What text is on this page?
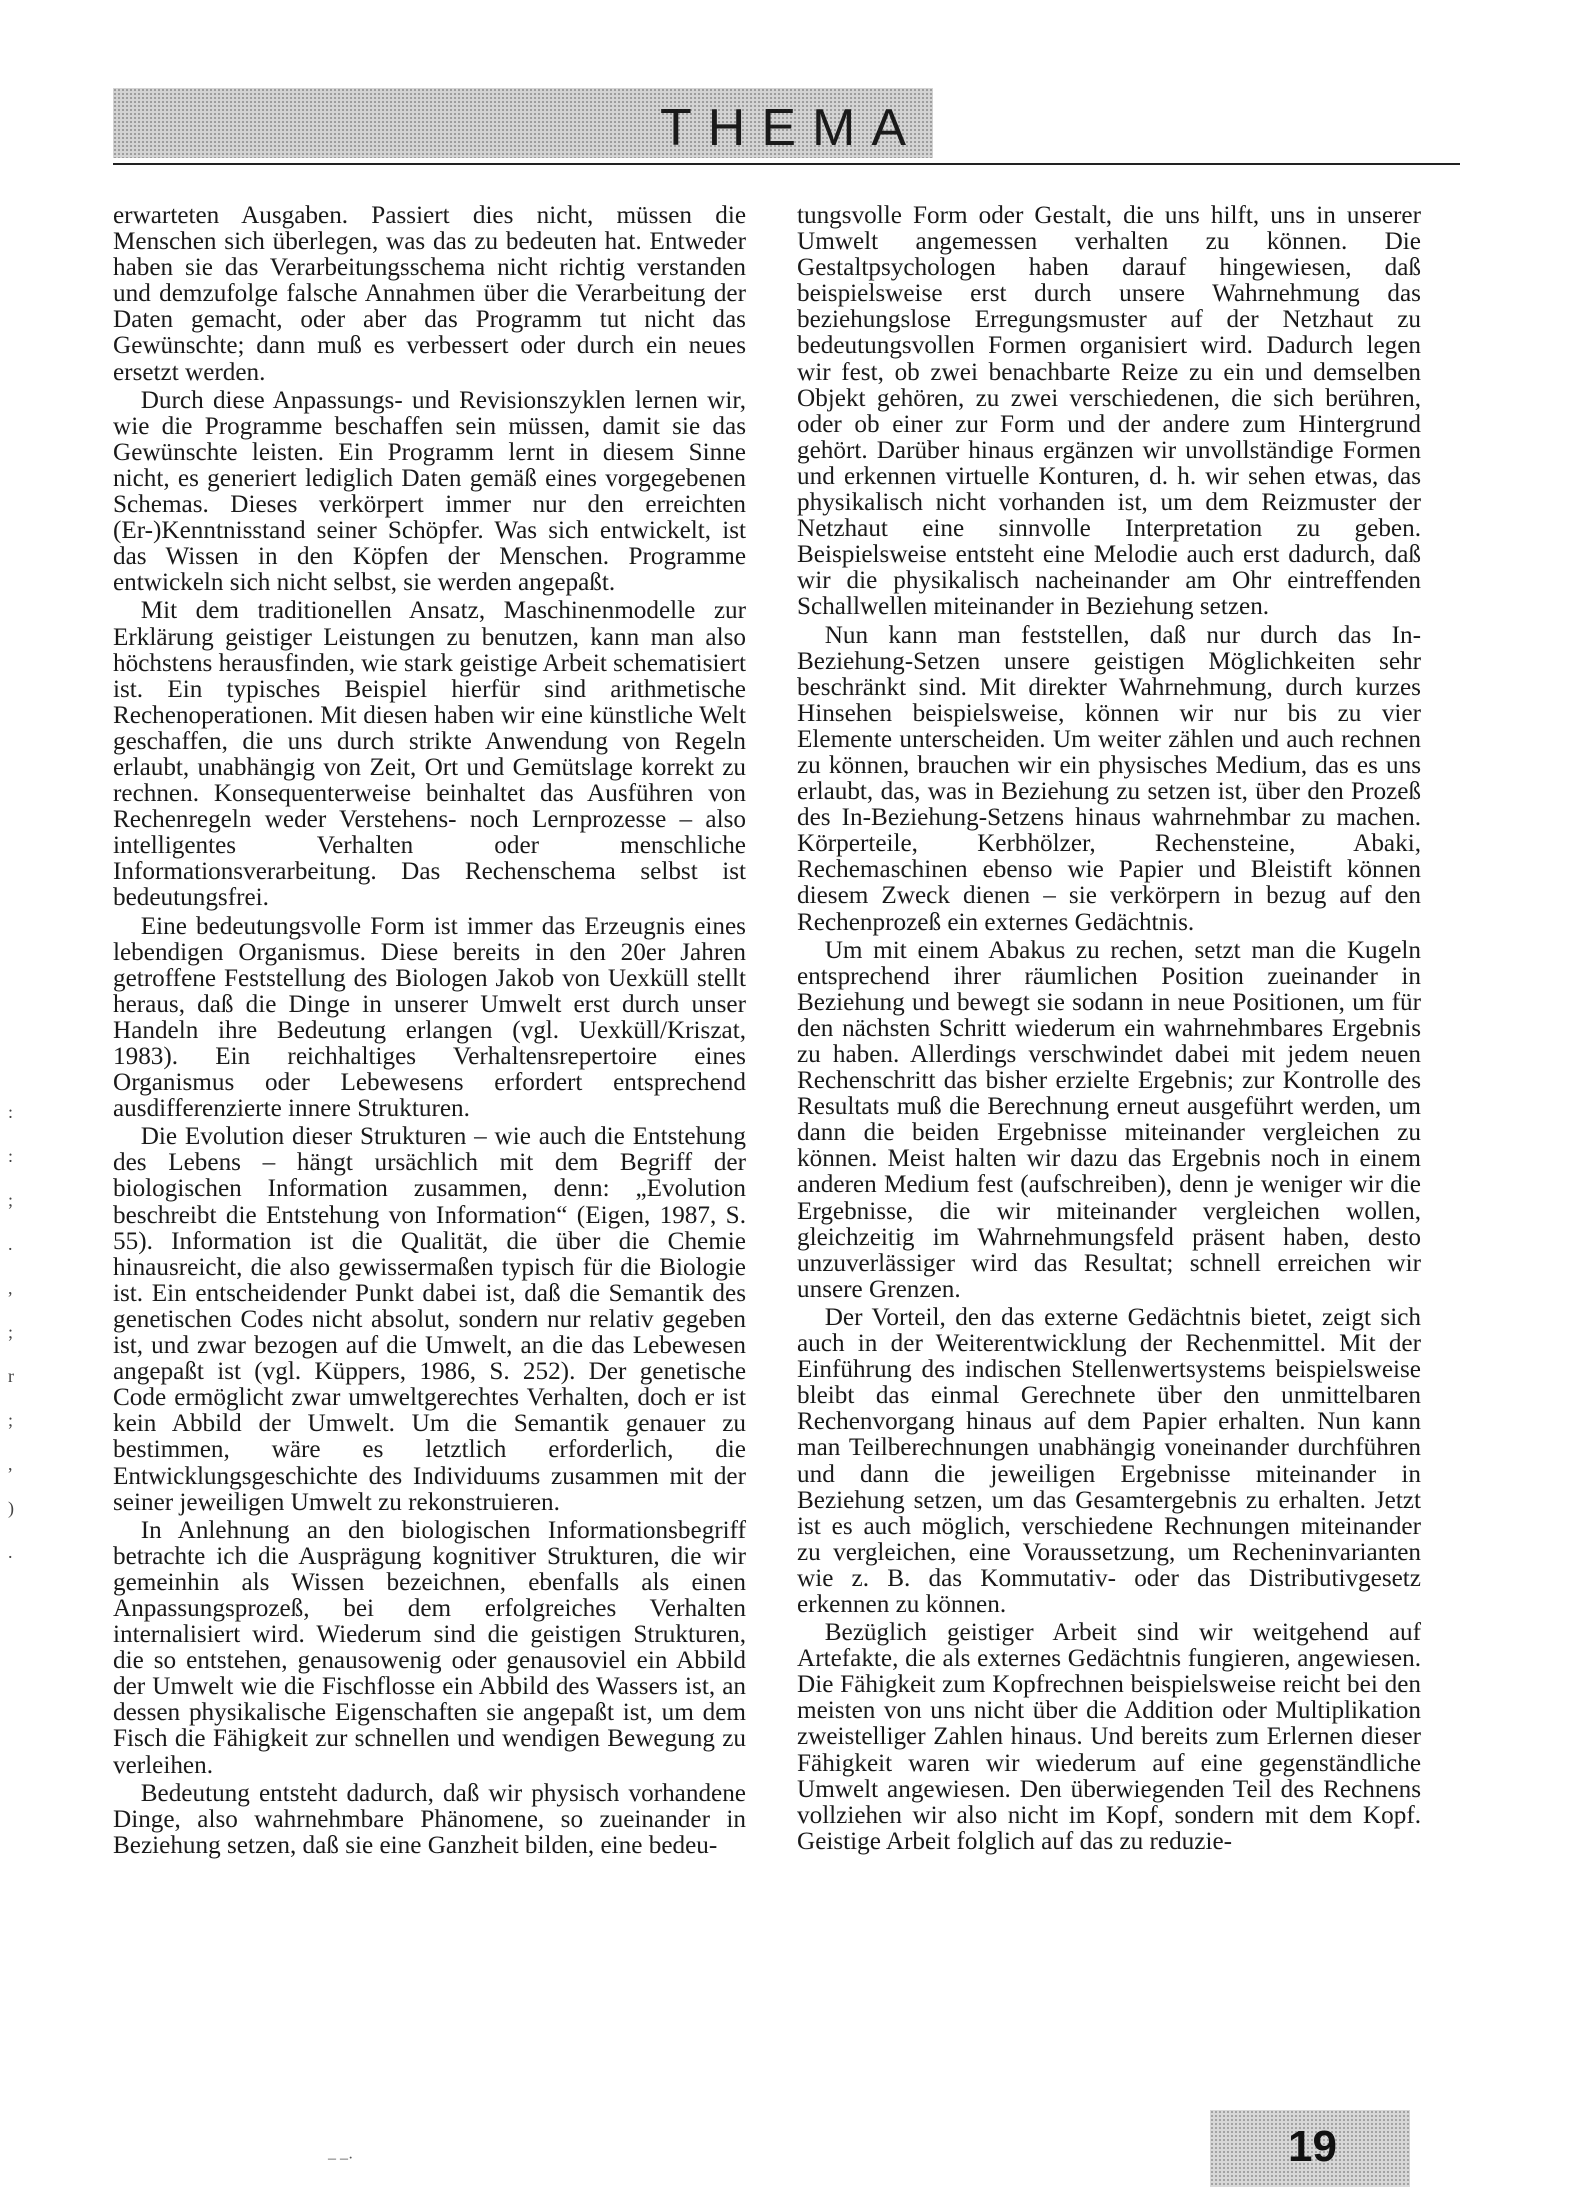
THEMA

erwarteten Ausgaben. Passiert dies nicht, müssen die Menschen sich überlegen, was das zu bedeuten hat. Entweder haben sie das Verarbeitungsschema nicht richtig verstanden und demzufolge falsche Annahmen über die Verarbeitung der Daten gemacht, oder aber das Programm tut nicht das Gewünschte; dann muß es verbessert oder durch ein neues ersetzt werden.

Durch diese Anpassungs- und Revisionszyklen lernen wir, wie die Programme beschaffen sein müssen, damit sie das Gewünschte leisten. Ein Programm lernt in diesem Sinne nicht, es generiert lediglich Daten gemäß eines vorgegebenen Schemas. Dieses verkörpert immer nur den erreichten (Er-)Kenntnisstand seiner Schöpfer. Was sich entwickelt, ist das Wissen in den Köpfen der Menschen. Programme entwickeln sich nicht selbst, sie werden angepaßt.

Mit dem traditionellen Ansatz, Maschinenmodelle zur Erklärung geistiger Leistungen zu benutzen, kann man also höchstens herausfinden, wie stark geistige Arbeit schematisiert ist. Ein typisches Beispiel hierfür sind arithmetische Rechenoperationen. Mit diesen haben wir eine künstliche Welt geschaffen, die uns durch strikte Anwendung von Regeln erlaubt, unabhängig von Zeit, Ort und Gemütslage korrekt zu rechnen. Konsequenterweise beinhaltet das Ausführen von Rechenregeln weder Verstehens- noch Lernprozesse – also intelligentes Verhalten oder menschliche Informationsverarbeitung. Das Rechenschema selbst ist bedeutungsfrei.

Eine bedeutungsvolle Form ist immer das Erzeugnis eines lebendigen Organismus. Diese bereits in den 20er Jahren getroffene Feststellung des Biologen Jakob von Uexküll stellt heraus, daß die Dinge in unserer Umwelt erst durch unser Handeln ihre Bedeutung erlangen (vgl. Uexküll/Kriszat, 1983). Ein reichhaltiges Verhaltensrepertoire eines Organismus oder Lebewesens erfordert entsprechend ausdifferenzierte innere Strukturen.

Die Evolution dieser Strukturen – wie auch die Entstehung des Lebens – hängt ursächlich mit dem Begriff der biologischen Information zusammen, denn: „Evolution beschreibt die Entstehung von Information“ (Eigen, 1987, S. 55). Information ist die Qualität, die über die Chemie hinausreicht, die also gewissermaßen typisch für die Biologie ist. Ein entscheidender Punkt dabei ist, daß die Semantik des genetischen Codes nicht absolut, sondern nur relativ gegeben ist, und zwar bezogen auf die Umwelt, an die das Lebewesen angepaßt ist (vgl. Küppers, 1986, S. 252). Der genetische Code ermöglicht zwar umweltgerechtes Verhalten, doch er ist kein Abbild der Umwelt. Um die Semantik genauer zu bestimmen, wäre es letztlich erforderlich, die Entwicklungsgeschichte des Individuums zusammen mit der seiner jeweiligen Umwelt zu rekonstruieren.

In Anlehnung an den biologischen Informationsbegriff betrachte ich die Ausprägung kognitiver Strukturen, die wir gemeinhin als Wissen bezeichnen, ebenfalls als einen Anpassungsprozeß, bei dem erfolgreiches Verhalten internalisiert wird. Wiederum sind die geistigen Strukturen, die so entstehen, genausowenig oder genausoviel ein Abbild der Umwelt wie die Fischflosse ein Abbild des Wassers ist, an dessen physikalische Eigenschaften sie angepaßt ist, um dem Fisch die Fähigkeit zur schnellen und wendigen Bewegung zu verleihen.

Bedeutung entsteht dadurch, daß wir physisch vorhandene Dinge, also wahrnehmbare Phänomene, so zueinander in Beziehung setzen, daß sie eine Ganzheit bilden, eine bedeu-

tungsvolle Form oder Gestalt, die uns hilft, uns in unserer Umwelt angemessen verhalten zu können. Die Gestaltpsychologen haben darauf hingewiesen, daß beispielsweise erst durch unsere Wahrnehmung das beziehungslose Erregungsmuster auf der Netzhaut zu bedeutungsvollen Formen organisiert wird. Dadurch legen wir fest, ob zwei benachbarte Reize zu ein und demselben Objekt gehören, zu zwei verschiedenen, die sich berühren, oder ob einer zur Form und der andere zum Hintergrund gehört. Darüber hinaus ergänzen wir unvollständige Formen und erkennen virtuelle Konturen, d. h. wir sehen etwas, das physikalisch nicht vorhanden ist, um dem Reizmuster der Netzhaut eine sinnvolle Interpretation zu geben. Beispielsweise entsteht eine Melodie auch erst dadurch, daß wir die physikalisch nacheinander am Ohr eintreffenden Schallwellen miteinander in Beziehung setzen.

Nun kann man feststellen, daß nur durch das In-Beziehung-Setzen unsere geistigen Möglichkeiten sehr beschränkt sind. Mit direkter Wahrnehmung, durch kurzes Hinsehen beispielsweise, können wir nur bis zu vier Elemente unterscheiden. Um weiter zählen und auch rechnen zu können, brauchen wir ein physisches Medium, das es uns erlaubt, das, was in Beziehung zu setzen ist, über den Prozeß des In-Beziehung-Setzens hinaus wahrnehmbar zu machen. Körperteile, Kerbhölzer, Rechensteine, Abaki, Rechemaschinen ebenso wie Papier und Bleistift können diesem Zweck dienen – sie verkörpern in bezug auf den Rechenprozeß ein externes Gedächtnis.

Um mit einem Abakus zu rechen, setzt man die Kugeln entsprechend ihrer räumlichen Position zueinander in Beziehung und bewegt sie sodann in neue Positionen, um für den nächsten Schritt wiederum ein wahrnehmbares Ergebnis zu haben. Allerdings verschwindet dabei mit jedem neuen Rechenschritt das bisher erzielte Ergebnis; zur Kontrolle des Resultats muß die Berechnung erneut ausgeführt werden, um dann die beiden Ergebnisse miteinander vergleichen zu können. Meist halten wir dazu das Ergebnis noch in einem anderen Medium fest (aufschreiben), denn je weniger wir die Ergebnisse, die wir miteinander vergleichen wollen, gleichzeitig im Wahrnehmungsfeld präsent haben, desto unzuverlässiger wird das Resultat; schnell erreichen wir unsere Grenzen.

Der Vorteil, den das externe Gedächtnis bietet, zeigt sich auch in der Weiterentwicklung der Rechenmittel. Mit der Einführung des indischen Stellenwertsystems beispielsweise bleibt das einmal Gerechnete über den unmittelbaren Rechenvorgang hinaus auf dem Papier erhalten. Nun kann man Teilberechnungen unabhängig voneinander durchführen und dann die jeweiligen Ergebnisse miteinander in Beziehung setzen, um das Gesamtergebnis zu erhalten. Jetzt ist es auch möglich, verschiedene Rechnungen miteinander zu vergleichen, eine Voraussetzung, um Recheninvarianten wie z. B. das Kommutativ- oder das Distributivgesetz erkennen zu können.

Bezüglich geistiger Arbeit sind wir weitgehend auf Artefakte, die als externes Gedächtnis fungieren, angewiesen. Die Fähigkeit zum Kopfrechnen beispielsweise reicht bei den meisten von uns nicht über die Addition oder Multiplikation zweistelliger Zahlen hinaus. Und bereits zum Erlernen dieser Fähigkeit waren wir wiederum auf eine gegenständliche Umwelt angewiesen. Den überwiegenden Teil des Rechnens vollziehen wir also nicht im Kopf, sondern mit dem Kopf. Geistige Arbeit folglich auf das zu reduzie-

:
:
;
.
,
;
r
;
,
)
.
– –·	19
